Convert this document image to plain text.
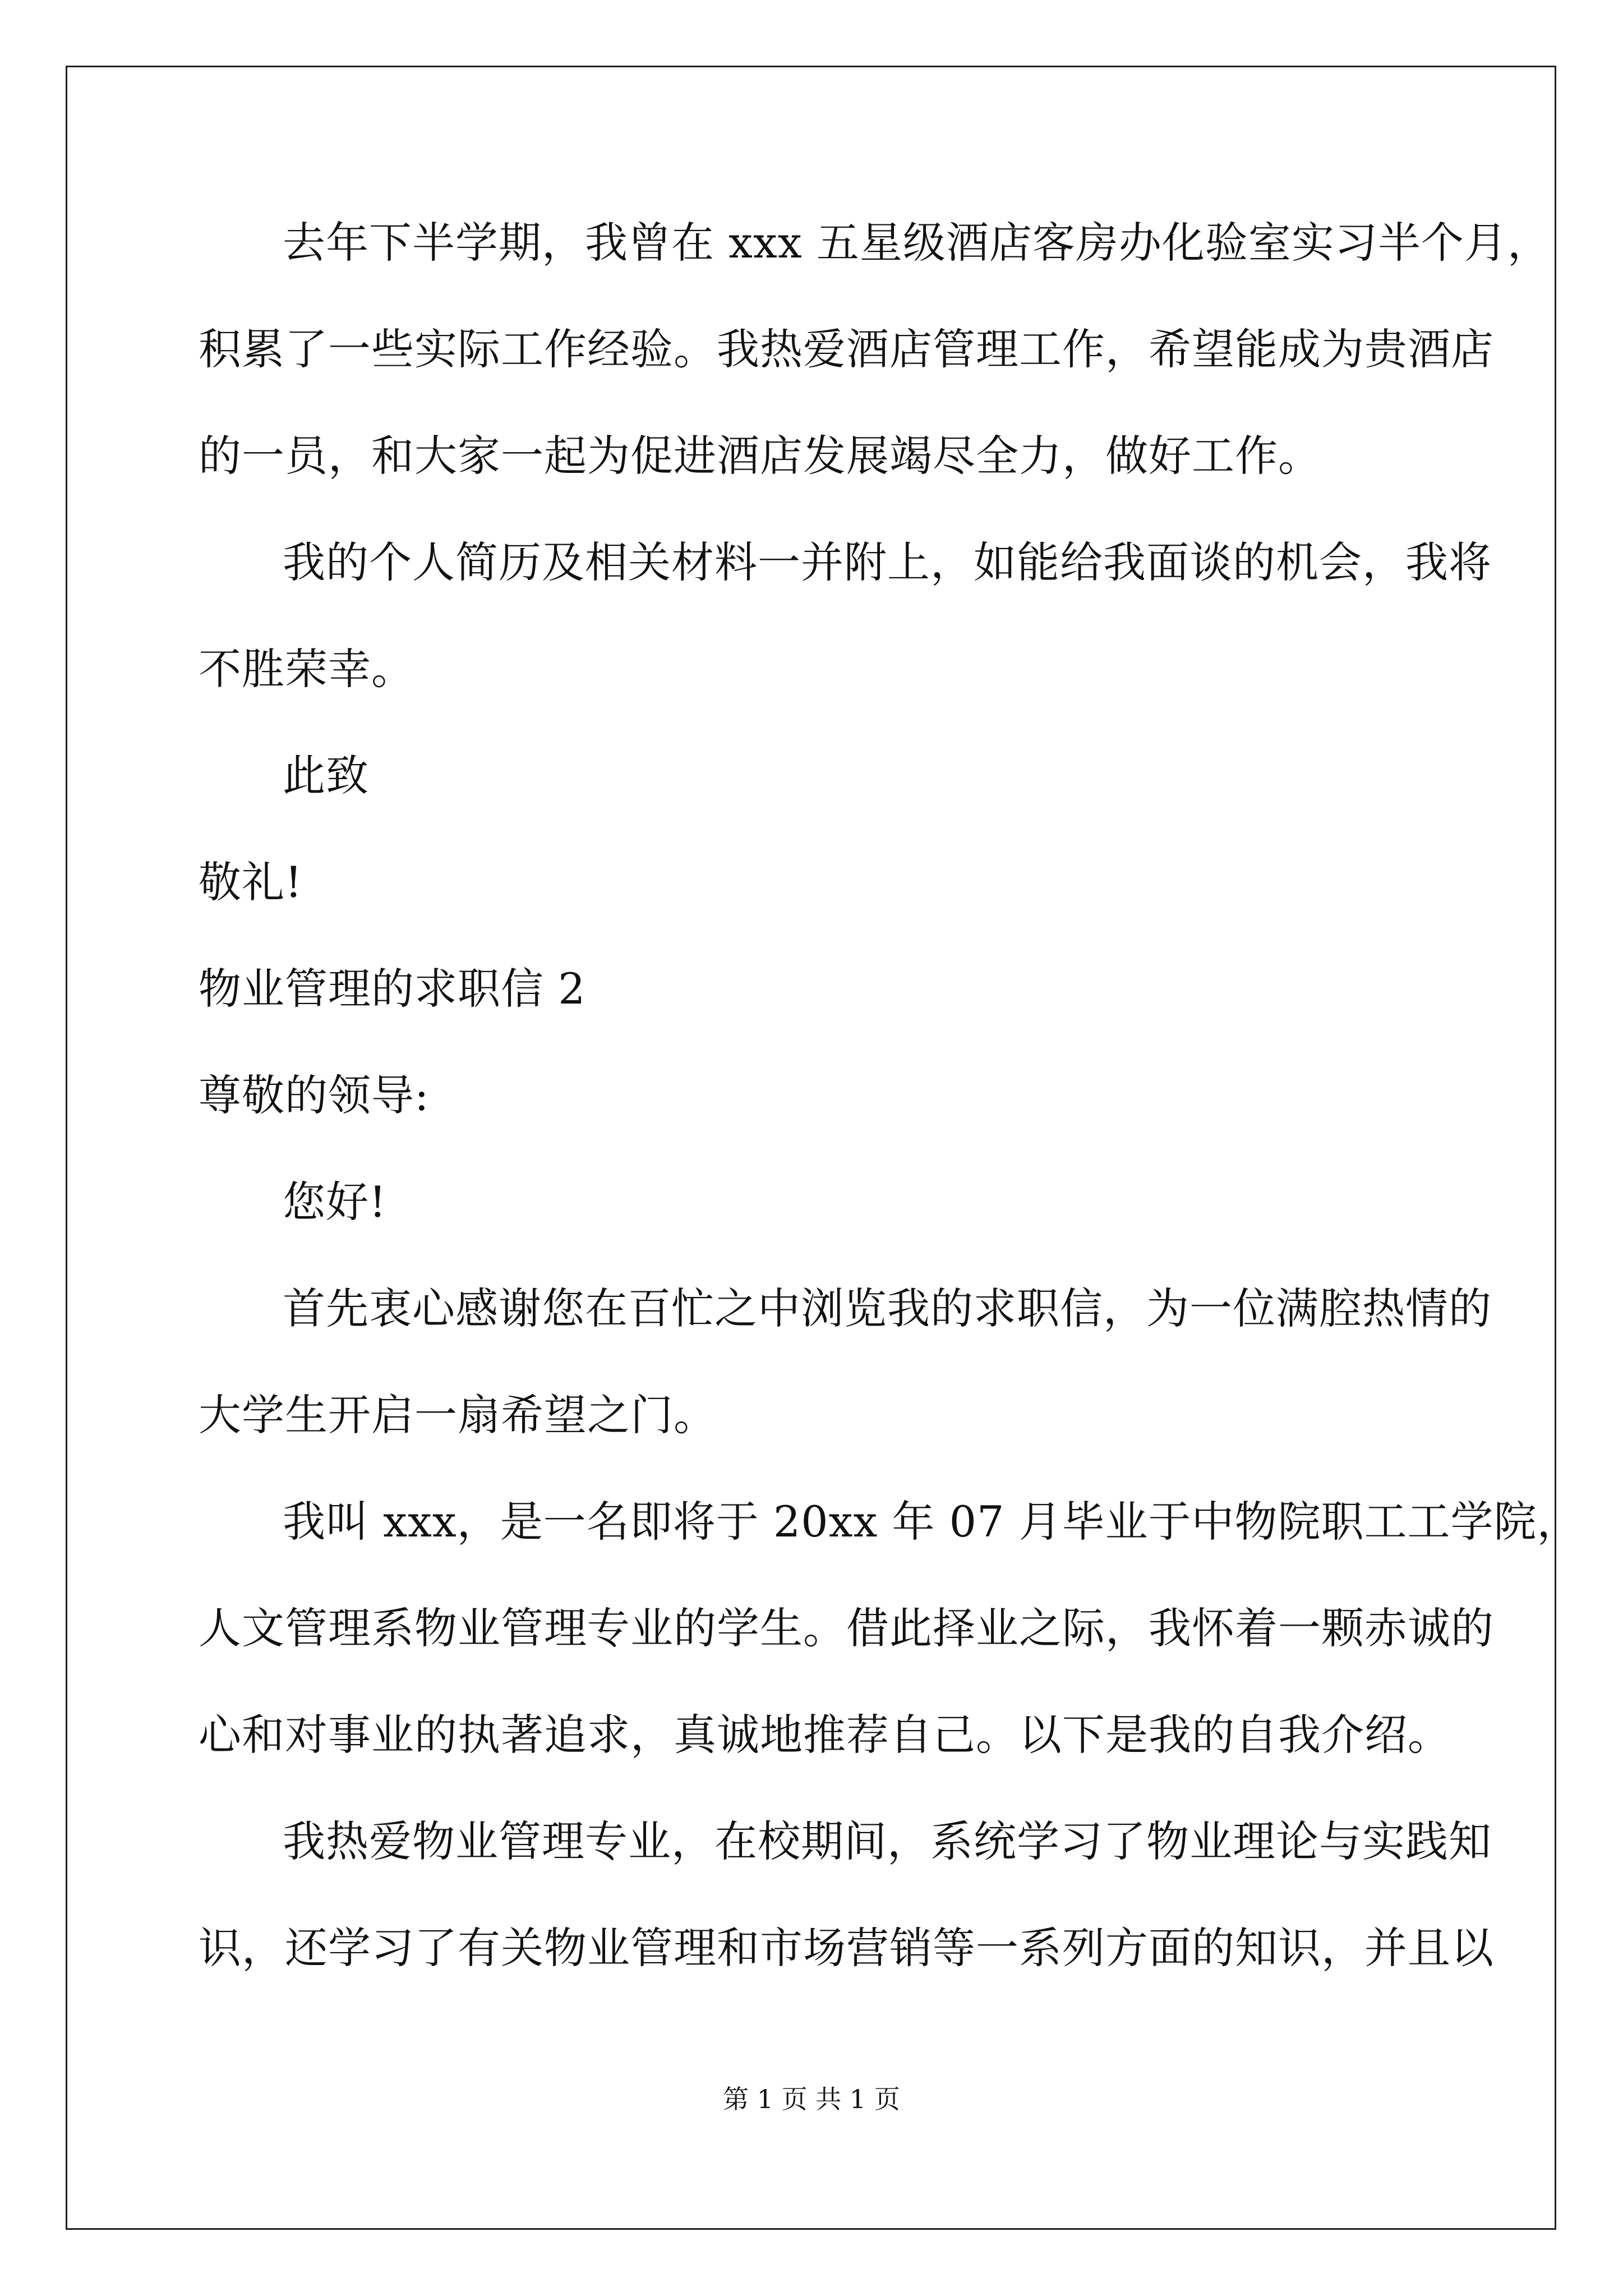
去年下半学期，我曾在 xxx 五星级酒店客房办化验室实习半个月，
积累了一些实际工作经验。我热爱酒店管理工作，希望能成为贵酒店
的一员，和大家一起为促进酒店发展竭尽全力，做好工作。
我的个人简历及相关材料一并附上，如能给我面谈的机会，我将
不胜荣幸。
此致
敬礼!
物业管理的求职信 2
尊敬的领导:
您好!
首先衷心感谢您在百忙之中浏览我的求职信，为一位满腔热情的
大学生开启一扇希望之门。
我叫 xxx，是一名即将于 20xx 年 07 月毕业于中物院职工工学院，
人文管理系物业管理专业的学生。借此择业之际，我怀着一颗赤诚的
心和对事业的执著追求，真诚地推荐自己。以下是我的自我介绍。
我热爱物业管理专业，在校期间，系统学习了物业理论与实践知
识，还学习了有关物业管理和市场营销等一系列方面的知识，并且以
第 1 页 共 1 页
